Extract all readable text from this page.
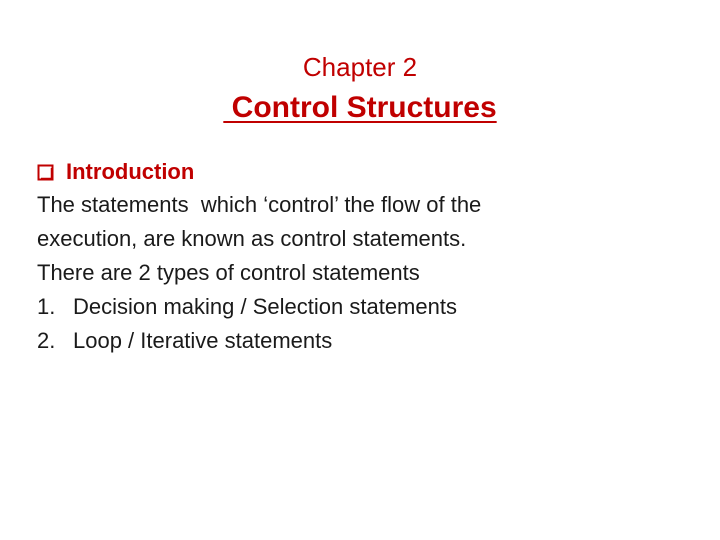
Chapter 2
Control Structures
Introduction
The statements  which ‘control’ the flow of the
execution, are known as control statements.
There are 2 types of control statements
1. Decision making / Selection statements
2. Loop / Iterative statements
